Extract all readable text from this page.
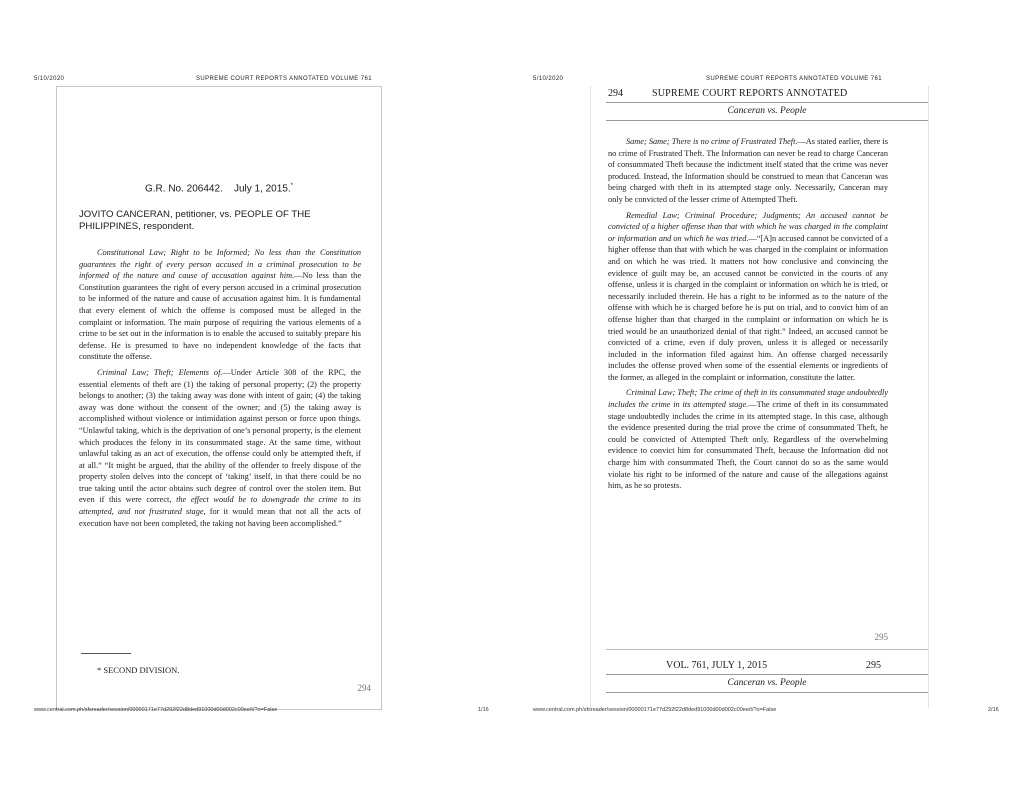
5/10/2020	SUPREME COURT REPORTS ANNOTATED VOLUME 761	5/10/2020	SUPREME COURT REPORTS ANNOTATED VOLUME 761
G.R. No. 206442. July 1, 2015.*
JOVITO CANCERAN, petitioner, vs. PEOPLE OF THE PHILIPPINES, respondent.

Constitutional Law; Right to be Informed; No less than the Constitution guarantees the right of every person accused in a criminal prosecution to be informed of the nature and cause of accusation against him.—No less than the Constitution guarantees the right of every person accused in a criminal prosecution to be informed of the nature and cause of accusation against him. It is fundamental that every element of which the offense is composed must be alleged in the complaint or information. The main purpose of requiring the various elements of a crime to be set out in the information is to enable the accused to suitably prepare his defense. He is presumed to have no independent knowledge of the facts that constitute the offense.

Criminal Law; Theft; Elements of.—Under Article 308 of the RPC, the essential elements of theft are (1) the taking of personal property; (2) the property belongs to another; (3) the taking away was done with intent of gain; (4) the taking away was done without the consent of the owner; and (5) the taking away is accomplished without violence or intimidation against person or force upon things. “Unlawful taking, which is the deprivation of one’s personal property, is the element which produces the felony in its consummated stage. At the same time, without unlawful taking as an act of execution, the offense could only be attempted theft, if at all.” “It might be argued, that the ability of the offender to freely dispose of the property stolen delves into the concept of ‘taking’ itself, in that there could be no true taking until the actor obtains such degree of control over the stolen item. But even if this were correct, the effect would be to downgrade the crime to its attempted, and not frustrated stage, for it would mean that not all the acts of execution have not been completed, the taking not having been accomplished.”

* SECOND DIVISION.
294
294	SUPREME COURT REPORTS ANNOTATED
Canceran vs. People

Same; Same; There is no crime of Frustrated Theft.—As stated earlier, there is no crime of Frustrated Theft. The Information can never be read to charge Canceran of consummated Theft because the indictment itself stated that the crime was never produced. Instead, the Information should be construed to mean that Canceran was being charged with theft in its attempted stage only. Necessarily, Canceran may only be convicted of the lesser crime of Attempted Theft.

Remedial Law; Criminal Procedure; Judgments; An accused cannot be convicted of a higher offense than that with which he was charged in the complaint or information and on which he was tried.—“[A]n accused cannot be convicted of a higher offense than that with which he was charged in the complaint or information and on which he was tried. It matters not how conclusive and convincing the evidence of guilt may be, an accused cannot be convicted in the courts of any offense, unless it is charged in the complaint or information on which he is tried, or necessarily included therein. He has a right to be informed as to the nature of the offense with which he is charged before he is put on trial, and to convict him of an offense higher than that charged in the complaint or information on which he is tried would be an unauthorized denial of that right.” Indeed, an accused cannot be convicted of a crime, even if duly proven, unless it is alleged or necessarily included in the information filed against him. An offense charged necessarily includes the offense proved when some of the essential elements or ingredients of the former, as alleged in the complaint or information, constitute the latter.

Criminal Law; Theft; The crime of theft in its consummated stage undoubtedly includes the crime in its attempted stage.—The crime of theft in its consummated stage undoubtedly includes the crime in its attempted stage. In this case, although the evidence presented during the trial prove the crime of consummated Theft, he could be convicted of Attempted Theft only. Regardless of the overwhelming evidence to convict him for consummated Theft, because the Information did not charge him with consummated Theft, the Court cannot do so as the same would violate his right to be informed of the nature and cause of the allegations against him, as he so protests.

295
VOL. 761, JULY 1, 2015	295
Canceran vs. People
www.central.com.ph/sfsreader/session/00000171e77d292f22d8ded91000d00d002c00ee/t/?o=False	1/16	www.central.com.ph/sfsreader/session/00000171e77d292f22d8ded91000d00d002c00ee/t/?o=False	2/16
